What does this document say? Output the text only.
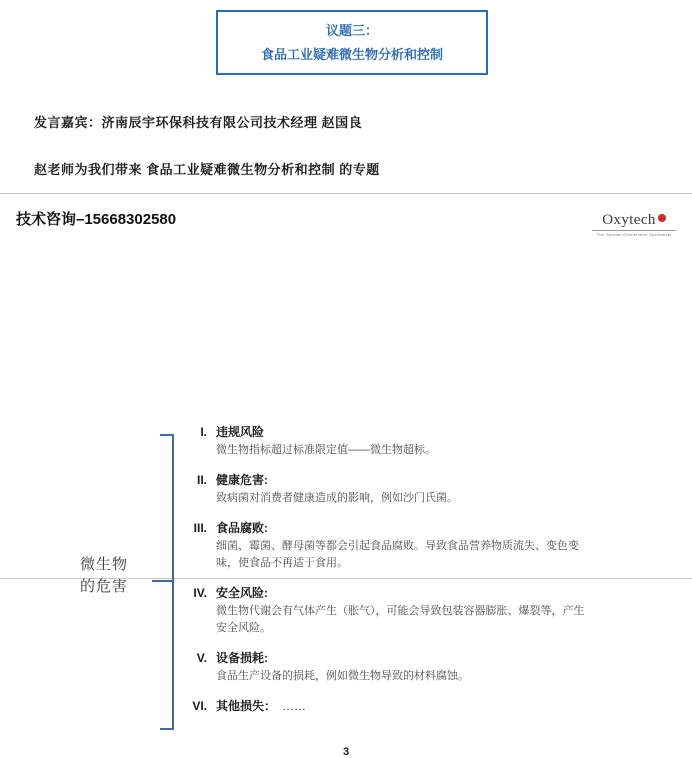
议题三：
食品工业疑难微生物分析和控制
发言嘉宾：济南辰宇环保科技有限公司技术经理 赵国良
赵老师为我们带来 食品工业疑难微生物分析和控制 的专题
技术咨询–15668302580	Oxytech
The German Disinfection Specialists
微生物
的危害
I. 违规风险
微生物指标超过标准限定值——微生物超标。
II. 健康危害:
致病菌对消费者健康造成的影响，例如沙门氏菌。
III. 食品腐败:
细菌、霉菌、酵母菌等都会引起食品腐败。导致食品营养物质流失、变色变味，使食品不再适于食用。
IV. 安全风险:
微生物代谢会有气体产生（胀气），可能会导致包装容器膨胀、爆裂等，产生安全风险。
V. 设备损耗:
食品生产设备的损耗，例如微生物导致的材料腐蚀。
VI. 其他损失： ……
3
